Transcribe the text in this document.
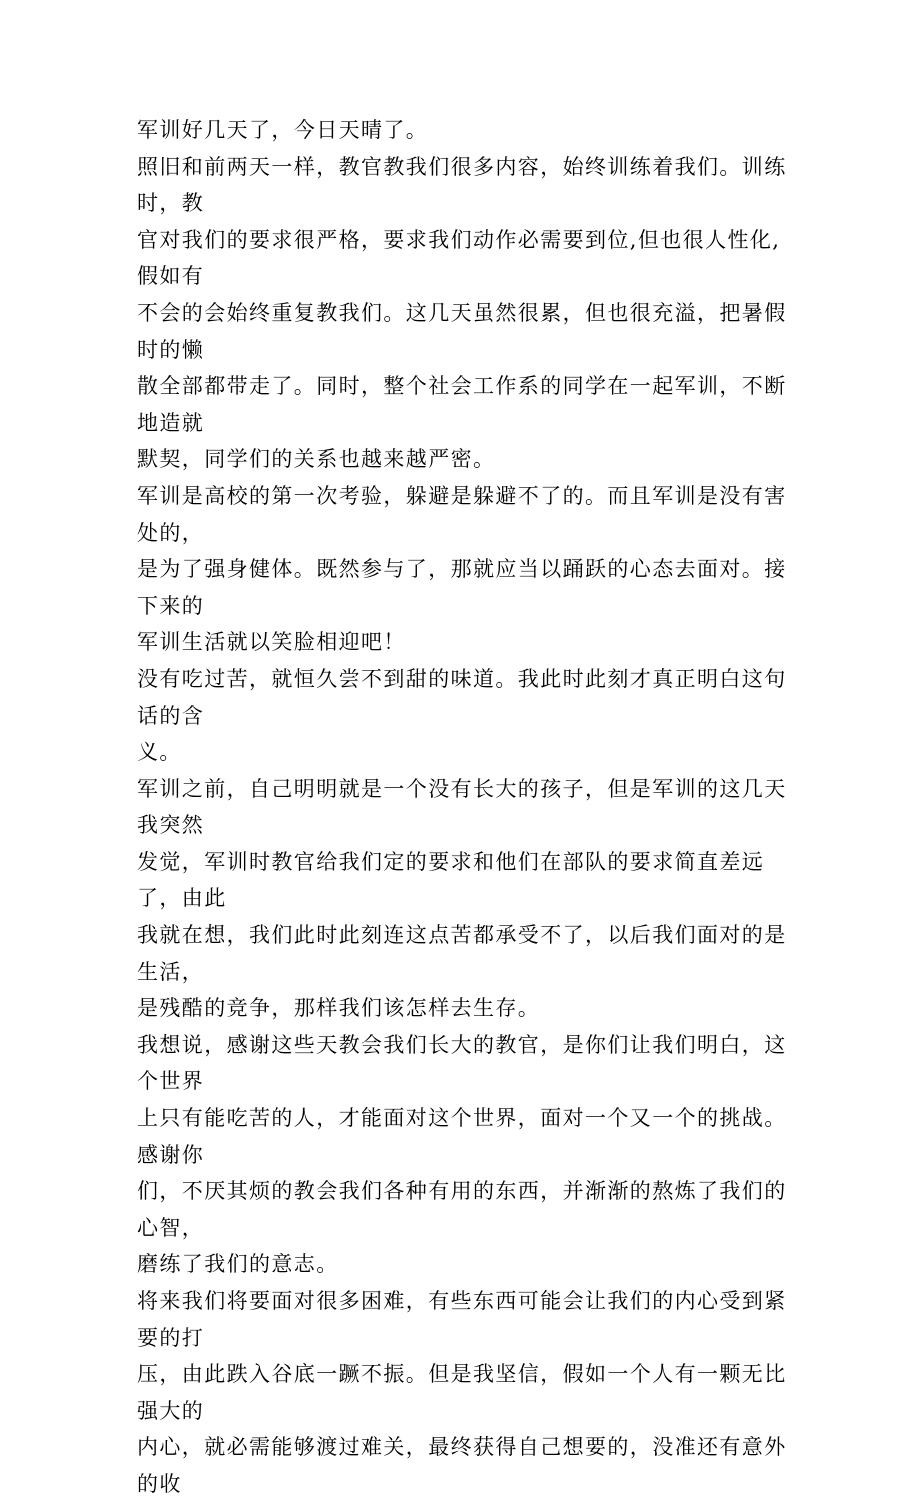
军训好几天了，今日天晴了。

照旧和前两天一样，教官教我们很多内容，始终训练着我们。训练时，教
官对我们的要求很严格，要求我们动作必需要到位,但也很人性化,假如有
不会的会始终重复教我们。这几天虽然很累，但也很充溢，把暑假时的懒
散全部都带走了。同时，整个社会工作系的同学在一起军训，不断地造就
默契，同学们的关系也越来越严密。

军训是高校的第一次考验，躲避是躲避不了的。而且军训是没有害处的，
是为了强身健体。既然参与了，那就应当以踊跃的心态去面对。接下来的
军训生活就以笑脸相迎吧！

没有吃过苦，就恒久尝不到甜的味道。我此时此刻才真正明白这句话的含
义。

军训之前，自己明明就是一个没有长大的孩子，但是军训的这几天我突然
发觉，军训时教官给我们定的要求和他们在部队的要求简直差远了，由此
我就在想，我们此时此刻连这点苦都承受不了，以后我们面对的是生活，
是残酷的竞争，那样我们该怎样去生存。

我想说，感谢这些天教会我们长大的教官，是你们让我们明白，这个世界
上只有能吃苦的人，才能面对这个世界，面对一个又一个的挑战。感谢你
们，不厌其烦的教会我们各种有用的东西，并渐渐的熬炼了我们的心智，
磨练了我们的意志。

将来我们将要面对很多困难，有些东西可能会让我们的内心受到紧要的打
压，由此跌入谷底一蹶不振。但是我坚信，假如一个人有一颗无比强大的
内心，就必需能够渡过难关，最终获得自己想要的，没准还有意外的收
